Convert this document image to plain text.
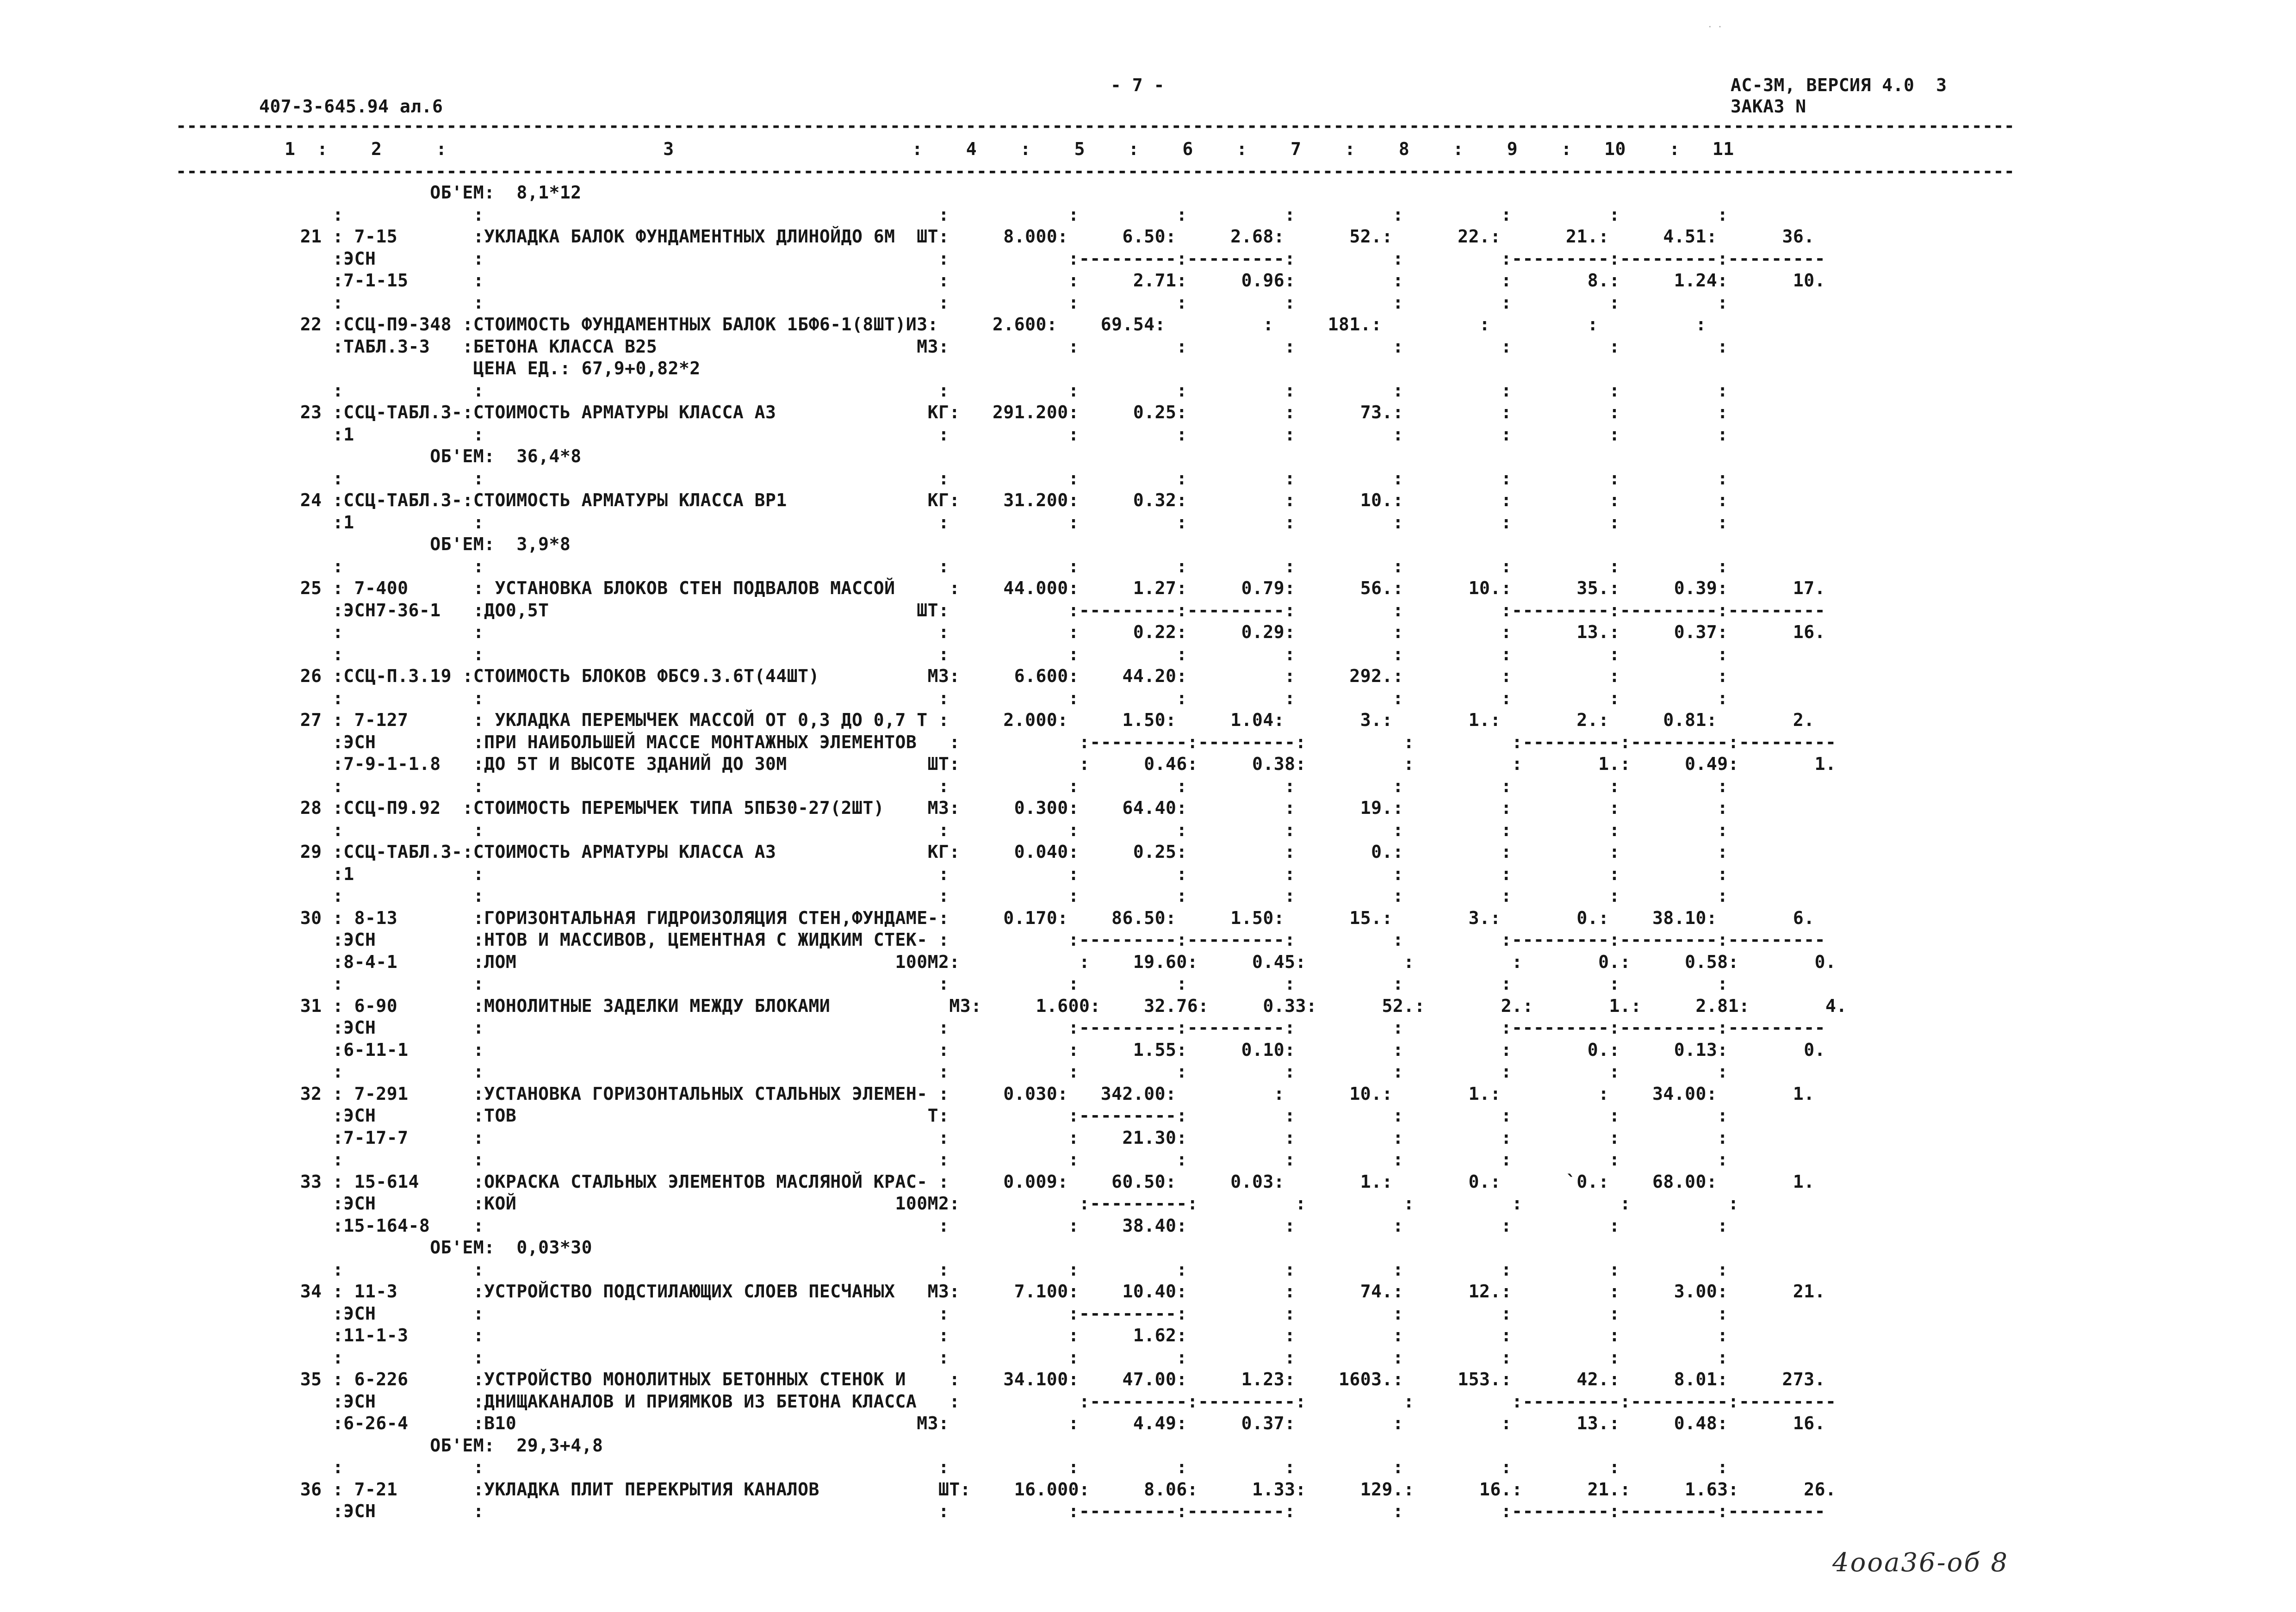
· ·
- 7 -	АС-3М, ВЕРСИЯ 4.0  3
407-3-645.94 ал.6	ЗАКАЗ N
--------------------------------------------------------------------------------------------------------------------------------------------------------------------------
1  :    2     :                    3                      :    4    :    5    :    6    :    7    :    8    :    9    :   10    :   11
--------------------------------------------------------------------------------------------------------------------------------------------------------------------------
ОБ'ЕМ:  8,1*12
:            :                                          :           :         :         :         :         :         :         :
21 : 7-15       :УКЛАДКА БАЛОК ФУНДАМЕНТНЫХ ДЛИНОЙДО 6М  ШТ:     8.000:     6.50:     2.68:      52.:      22.:      21.:     4.51:      36.
:ЭСН         :                                          :           :---------:---------:         :         :---------:---------:---------
:7-1-15      :                                          :           :     2.71:     0.96:         :         :       8.:     1.24:      10.
:            :                                          :           :         :         :         :         :         :         :
22 :ССЦ-П9-348 :СТОИМОСТЬ ФУНДАМЕНТНЫХ БАЛОК 1БФ6-1(8ШТ)ИЗ:     2.600:    69.54:         :     181.:         :         :         :
:ТАБЛ.3-3   :БЕТОНА КЛАССА В25                        М3:           :         :         :         :         :         :         :
ЦЕНА ЕД.: 67,9+0,82*2
:            :                                          :           :         :         :         :         :         :         :
23 :ССЦ-ТАБЛ.3-:СТОИМОСТЬ АРМАТУРЫ КЛАССА А3              КГ:   291.200:     0.25:         :      73.:         :         :         :
:1           :                                          :           :         :         :         :         :         :         :
ОБ'ЕМ:  36,4*8
:            :                                          :           :         :         :         :         :         :         :
24 :ССЦ-ТАБЛ.3-:СТОИМОСТЬ АРМАТУРЫ КЛАССА ВР1             КГ:    31.200:     0.32:         :      10.:         :         :         :
:1           :                                          :           :         :         :         :         :         :         :
ОБ'ЕМ:  3,9*8
:            :                                          :           :         :         :         :         :         :         :
25 : 7-400      : УСТАНОВКА БЛОКОВ СТЕН ПОДВАЛОВ МАССОЙ     :    44.000:     1.27:     0.79:      56.:      10.:      35.:     0.39:      17.
:ЭСН7-36-1   :ДО0,5Т                                  ШТ:           :---------:---------:         :         :---------:---------:---------
:            :                                          :           :     0.22:     0.29:         :         :      13.:     0.37:      16.
:            :                                          :           :         :         :         :         :         :         :
26 :ССЦ-П.3.19 :СТОИМОСТЬ БЛОКОВ ФБС9.3.6Т(44ШТ)          М3:     6.600:    44.20:         :     292.:         :         :         :
:            :                                          :           :         :         :         :         :         :         :
27 : 7-127      : УКЛАДКА ПЕРЕМЫЧЕК МАССОЙ ОТ 0,3 ДО 0,7 Т :     2.000:     1.50:     1.04:       3.:       1.:       2.:     0.81:       2.
:ЭСН         :ПРИ НАИБОЛЬШЕЙ МАССЕ МОНТАЖНЫХ ЭЛЕМЕНТОВ   :           :---------:---------:         :         :---------:---------:---------
:7-9-1-1.8   :ДО 5Т И ВЫСОТЕ ЗДАНИЙ ДО 30М             ШТ:           :     0.46:     0.38:         :         :       1.:     0.49:       1.
:            :                                          :           :         :         :         :         :         :         :
28 :ССЦ-П9.92  :СТОИМОСТЬ ПЕРЕМЫЧЕК ТИПА 5ПБ30-27(2ШТ)    М3:     0.300:    64.40:         :      19.:         :         :         :
:            :                                          :           :         :         :         :         :         :         :
29 :ССЦ-ТАБЛ.3-:СТОИМОСТЬ АРМАТУРЫ КЛАССА А3              КГ:     0.040:     0.25:         :       0.:         :         :         :
:1           :                                          :           :         :         :         :         :         :         :
:            :                                          :           :         :         :         :         :         :         :
30 : 8-13       :ГОРИЗОНТАЛЬНАЯ ГИДРОИЗОЛЯЦИЯ СТЕН,ФУНДАМЕ-:     0.170:    86.50:     1.50:      15.:       3.:       0.:    38.10:       6.
:ЭСН         :НТОВ И МАССИВОВ, ЦЕМЕНТНАЯ С ЖИДКИМ СТЕК- :           :---------:---------:         :         :---------:---------:---------
:8-4-1       :ЛОМ                                   100М2:           :    19.60:     0.45:         :         :       0.:     0.58:       0.
:            :                                          :           :         :         :         :         :         :         :
31 : 6-90       :МОНОЛИТНЫЕ ЗАДЕЛКИ МЕЖДУ БЛОКАМИ           М3:     1.600:    32.76:     0.33:      52.:       2.:       1.:     2.81:       4.
:ЭСН         :                                          :           :---------:---------:         :         :---------:---------:---------
:6-11-1      :                                          :           :     1.55:     0.10:         :         :       0.:     0.13:       0.
:            :                                          :           :         :         :         :         :         :         :
32 : 7-291      :УСТАНОВКА ГОРИЗОНТАЛЬНЫХ СТАЛЬНЫХ ЭЛЕМЕН- :     0.030:   342.00:         :      10.:       1.:         :    34.00:       1.
:ЭСН         :ТОВ                                      Т:           :---------:         :         :         :         :         :
:7-17-7      :                                          :           :    21.30:         :         :         :         :         :
:            :                                          :           :         :         :         :         :         :         :
33 : 15-614     :ОКРАСКА СТАЛЬНЫХ ЭЛЕМЕНТОВ МАСЛЯНОЙ КРАС- :     0.009:    60.50:     0.03:       1.:       0.:      `0.:    68.00:       1.
:ЭСН         :КОЙ                                   100М2:           :---------:         :         :         :         :         :
:15-164-8    :                                          :           :    38.40:         :         :         :         :         :
ОБ'ЕМ:  0,03*30
:            :                                          :           :         :         :         :         :         :         :
34 : 11-3       :УСТРОЙСТВО ПОДСТИЛАЮЩИХ СЛОЕВ ПЕСЧАНЫХ   М3:     7.100:    10.40:         :      74.:      12.:         :     3.00:      21.
:ЭСН         :                                          :           :---------:         :         :         :         :         :
:11-1-3      :                                          :           :     1.62:         :         :         :         :         :
:            :                                          :           :         :         :         :         :         :         :
35 : 6-226      :УСТРОЙСТВО МОНОЛИТНЫХ БЕТОННЫХ СТЕНОК И    :    34.100:    47.00:     1.23:    1603.:     153.:      42.:     8.01:     273.
:ЭСН         :ДНИЩАКАНАЛОВ И ПРИЯМКОВ ИЗ БЕТОНА КЛАССА   :           :---------:---------:         :         :---------:---------:---------
:6-26-4      :В10                                     М3:           :     4.49:     0.37:         :         :      13.:     0.48:      16.
ОБ'ЕМ:  29,3+4,8
:            :                                          :           :         :         :         :         :         :         :
36 : 7-21       :УКЛАДКА ПЛИТ ПЕРЕКРЫТИЯ КАНАЛОВ           ШТ:    16.000:     8.06:     1.33:     129.:      16.:      21.:     1.63:      26.
:ЭСН         :                                          :           :---------:---------:         :         :---------:---------:---------
4ооа36-об 8
